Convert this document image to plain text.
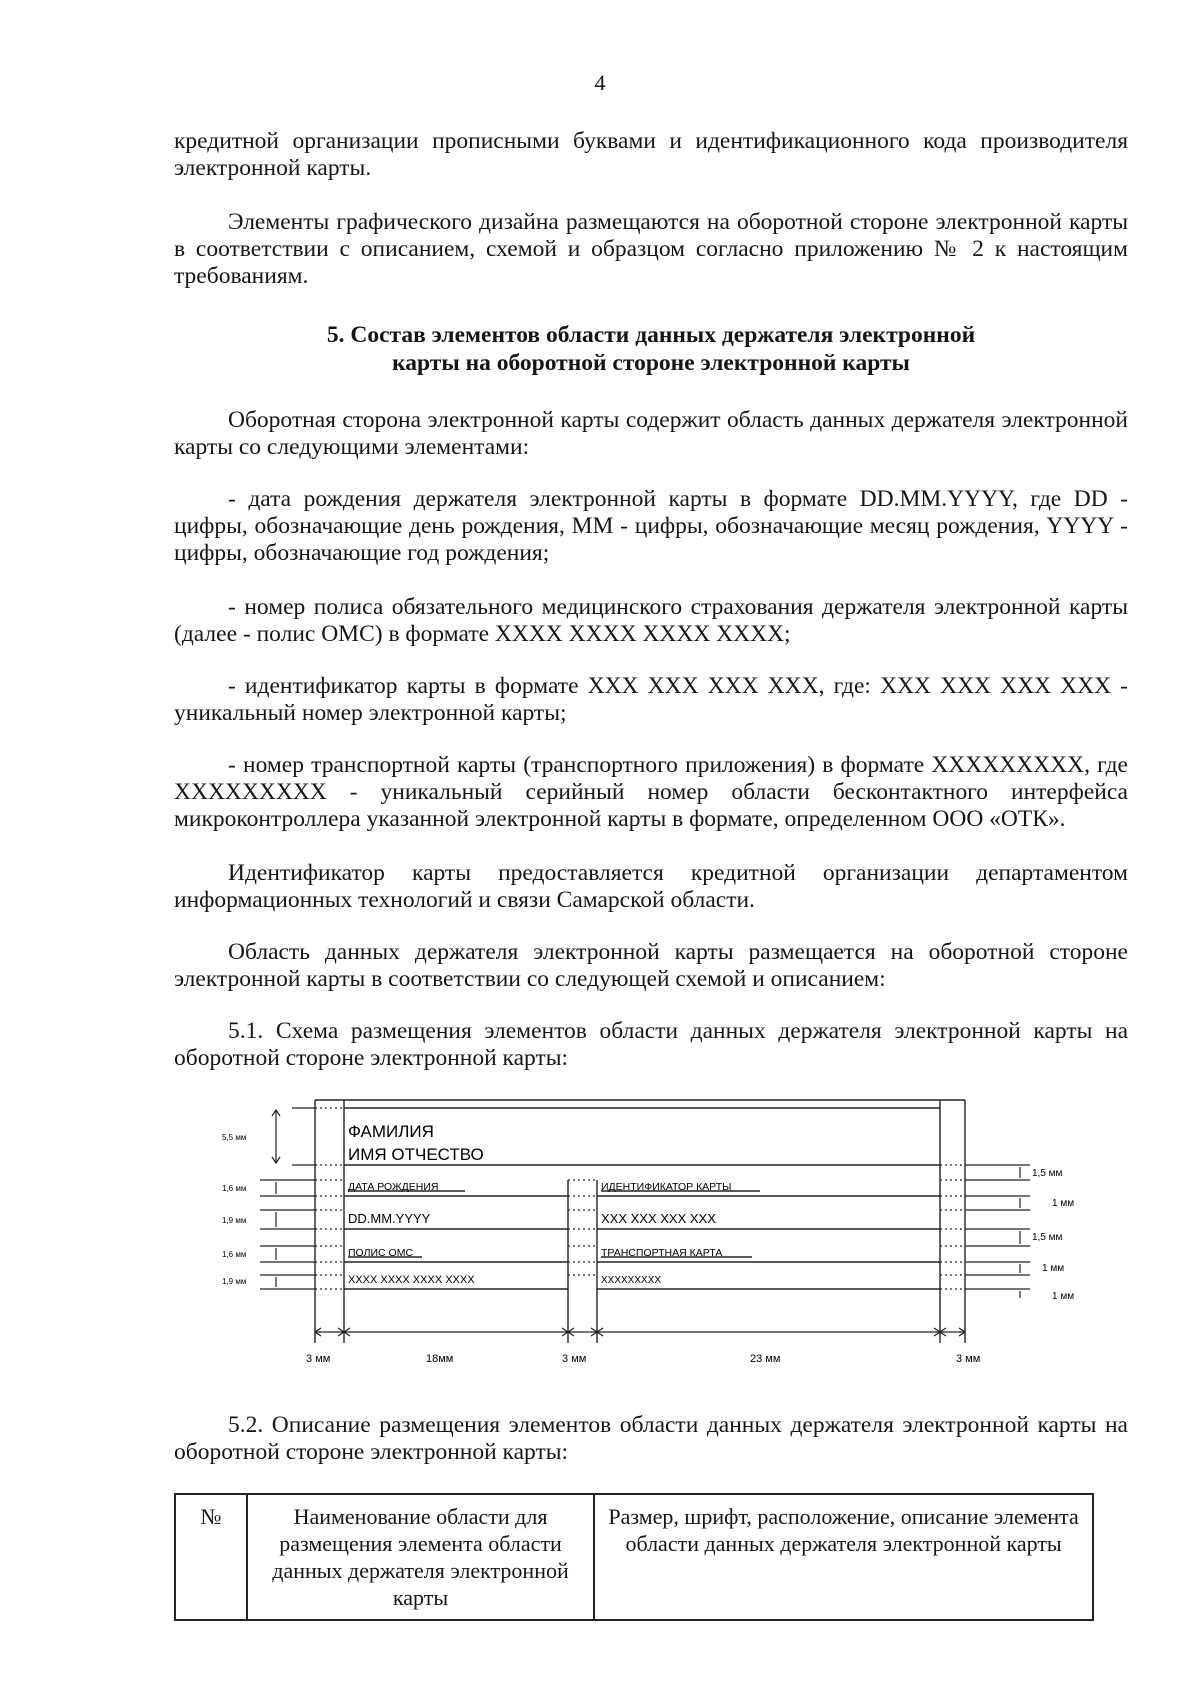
4

кредитной организации прописными буквами и идентификационного кода производителя электронной карты.

Элементы графического дизайна размещаются на оборотной стороне электронной карты в соответствии с описанием, схемой и образцом согласно приложению № 2 к настоящим требованиям.

5. Состав элементов области данных держателя электронной
карты на оборотной стороне электронной карты

Оборотная сторона электронной карты содержит область данных держателя электронной карты со следующими элементами:

- дата рождения держателя электронной карты в формате DD.MM.YYYY, где DD - цифры, обозначающие день рождения, MM - цифры, обозначающие месяц рождения, YYYY - цифры, обозначающие год рождения;

- номер полиса обязательного медицинского страхования держателя электронной карты (далее - полис ОМС) в формате XXXX XXXX XXXX XXXX;

- идентификатор карты в формате XXX XXX XXX XXX, где: XXX XXX XXX XXX - уникальный номер электронной карты;

- номер транспортной карты (транспортного приложения) в формате XXXXXXXXX, где XXXXXXXXX - уникальный серийный номер области бесконтактного интерфейса микроконтроллера указанной электронной карты в формате, определенном ООО «ОТК».

Идентификатор карты предоставляется кредитной организации департаментом информационных технологий и связи Самарской области.

Область данных держателя электронной карты размещается на оборотной стороне электронной карты в соответствии со следующей схемой и описанием:

5.1. Схема размещения элементов области данных держателя электронной карты на оборотной стороне электронной карты:

ФАМИЛИЯ
ИМЯ ОТЧЕСТВО
ДАТА РОЖДЕНИЯ
DD.MM.YYYY
ИДЕНТИФИКАТОР КАРТЫ
XXX XXX XXX XXX
ПОЛИС ОМС
XXXX XXXX XXXX XXXX
ТРАНСПОРТНАЯ КАРТА
XXXXXXXXX
5,5 мм
1,6 мм
1,9 мм
1,6 мм
1,9 мм
1,5 мм
1 мм
1,5 мм
1 мм
1 мм
3 мм	18мм	3 мм	23 мм	3 мм

5.2. Описание размещения элементов области данных держателя электронной карты на оборотной стороне электронной карты:

№	Наименование области для размещения элемента области данных держателя электронной карты	Размер, шрифт, расположение, описание элемента области данных держателя электронной карты
